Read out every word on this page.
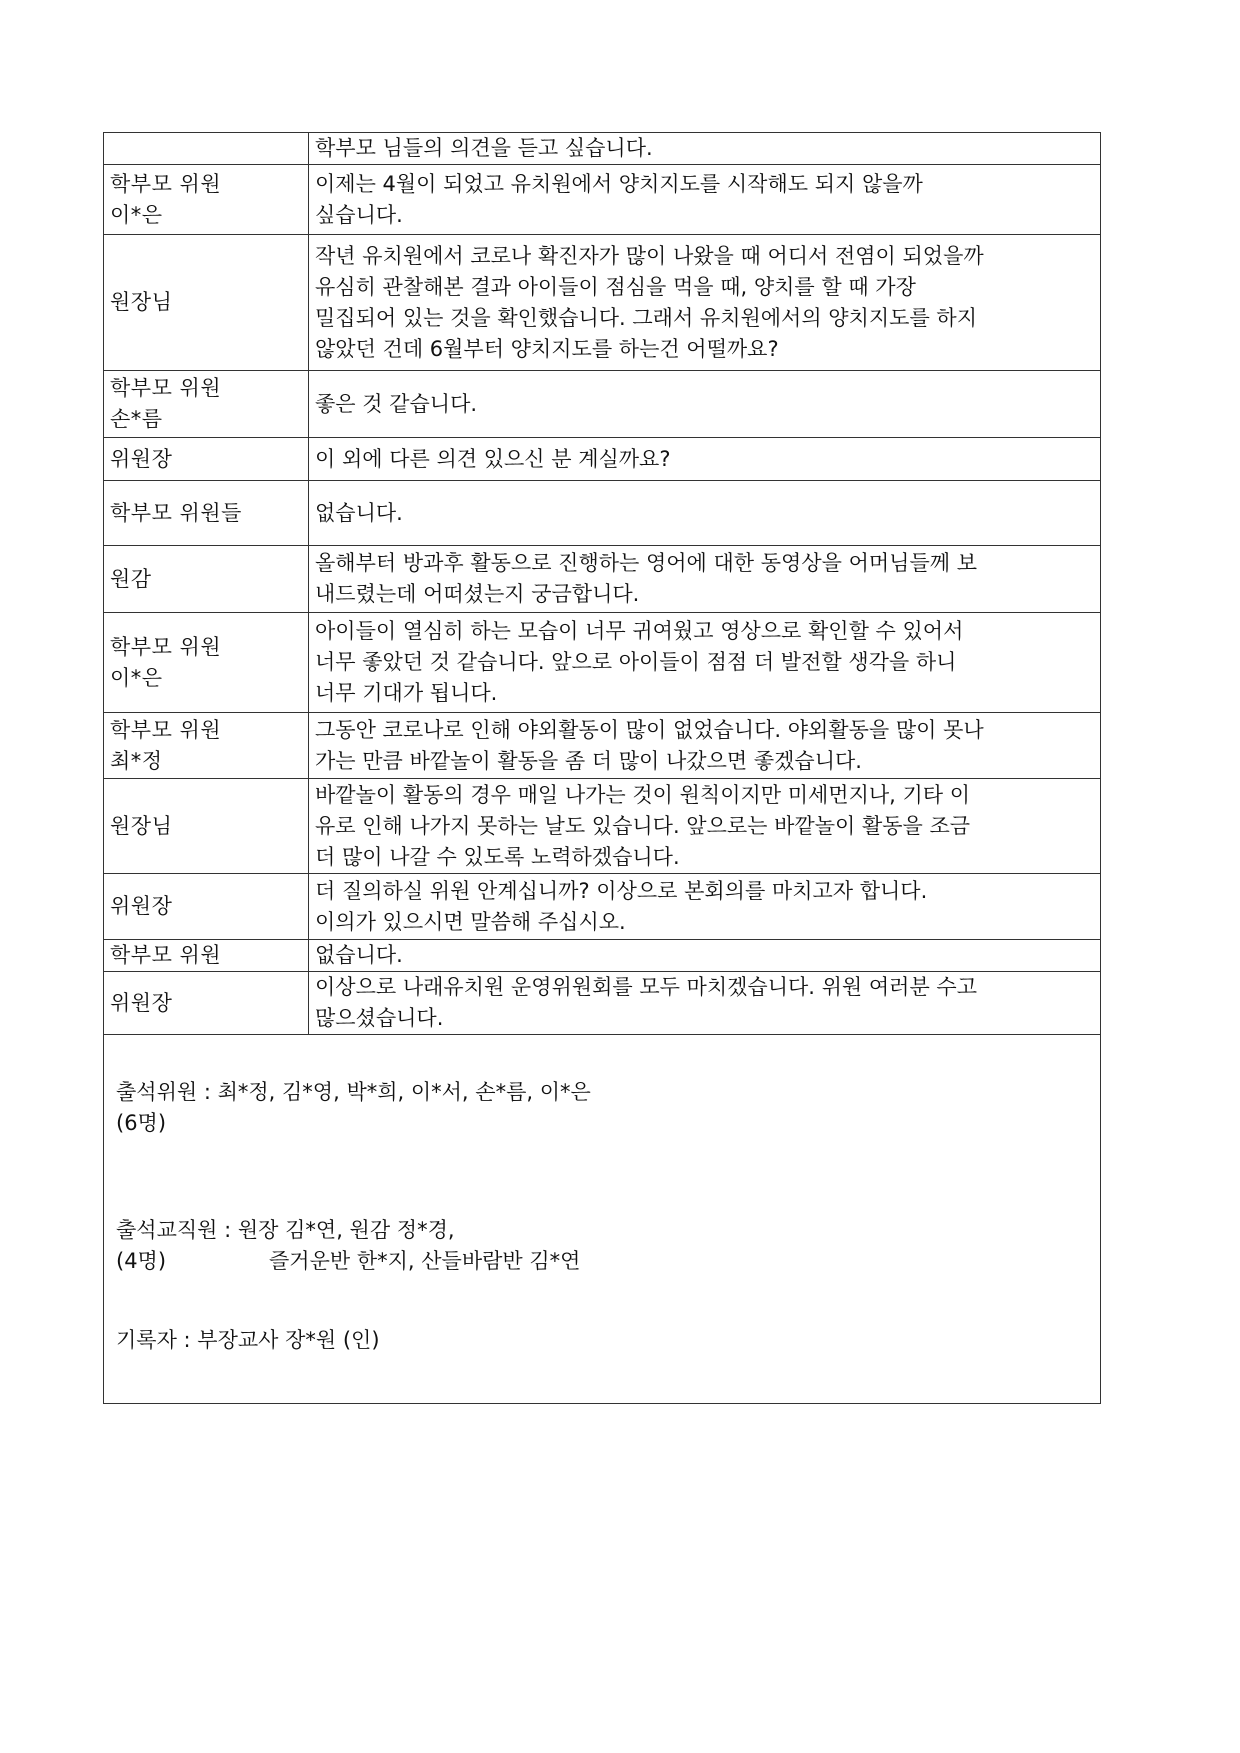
	학부모 님들의 의견을 듣고 싶습니다.

학부모 위원
이*은	이제는 4월이 되었고 유치원에서 양치지도를 시작해도 되지 않을까
싶습니다.

원장님	작년 유치원에서 코로나 확진자가 많이 나왔을 때 어디서 전염이 되었을까
유심히 관찰해본 결과 아이들이 점심을 먹을 때, 양치를 할 때 가장
밀집되어 있는 것을 확인했습니다. 그래서 유치원에서의 양치지도를 하지
않았던 건데 6월부터 양치지도를 하는건 어떨까요?

학부모 위원
손*름	좋은 것 같습니다.

위원장	이 외에 다른 의견 있으신 분 계실까요?

학부모 위원들	없습니다.

원감	올해부터 방과후 활동으로 진행하는 영어에 대한 동영상을 어머님들께 보
내드렸는데 어떠셨는지 궁금합니다.

학부모 위원
이*은	아이들이 열심히 하는 모습이 너무 귀여웠고 영상으로 확인할 수 있어서
너무 좋았던 것 같습니다. 앞으로 아이들이 점점 더 발전할 생각을 하니
너무 기대가 됩니다.

학부모 위원
최*정	그동안 코로나로 인해 야외활동이 많이 없었습니다. 야외활동을 많이 못나
가는 만큼 바깥놀이 활동을 좀 더 많이 나갔으면 좋겠습니다.

원장님	바깥놀이 활동의 경우 매일 나가는 것이 원칙이지만 미세먼지나, 기타 이
유로 인해 나가지 못하는 날도 있습니다. 앞으로는 바깥놀이 활동을 조금
더 많이 나갈 수 있도록 노력하겠습니다.

위원장	더 질의하실 위원 안계십니까? 이상으로 본회의를 마치고자 합니다.
이의가 있으시면 말씀해 주십시오.

학부모 위원	없습니다.

위원장	이상으로 나래유치원 운영위원회를 모두 마치겠습니다. 위원 여러분 수고
많으셨습니다.

출석위원 : 최*정, 김*영, 박*희, 이*서, 손*름, 이*은
(6명)
출석교직원 : 원장 김*연, 원감 정*경,
(4명)	즐거운반 한*지, 산들바람반 김*연
기록자 : 부장교사 장*원 (인)
